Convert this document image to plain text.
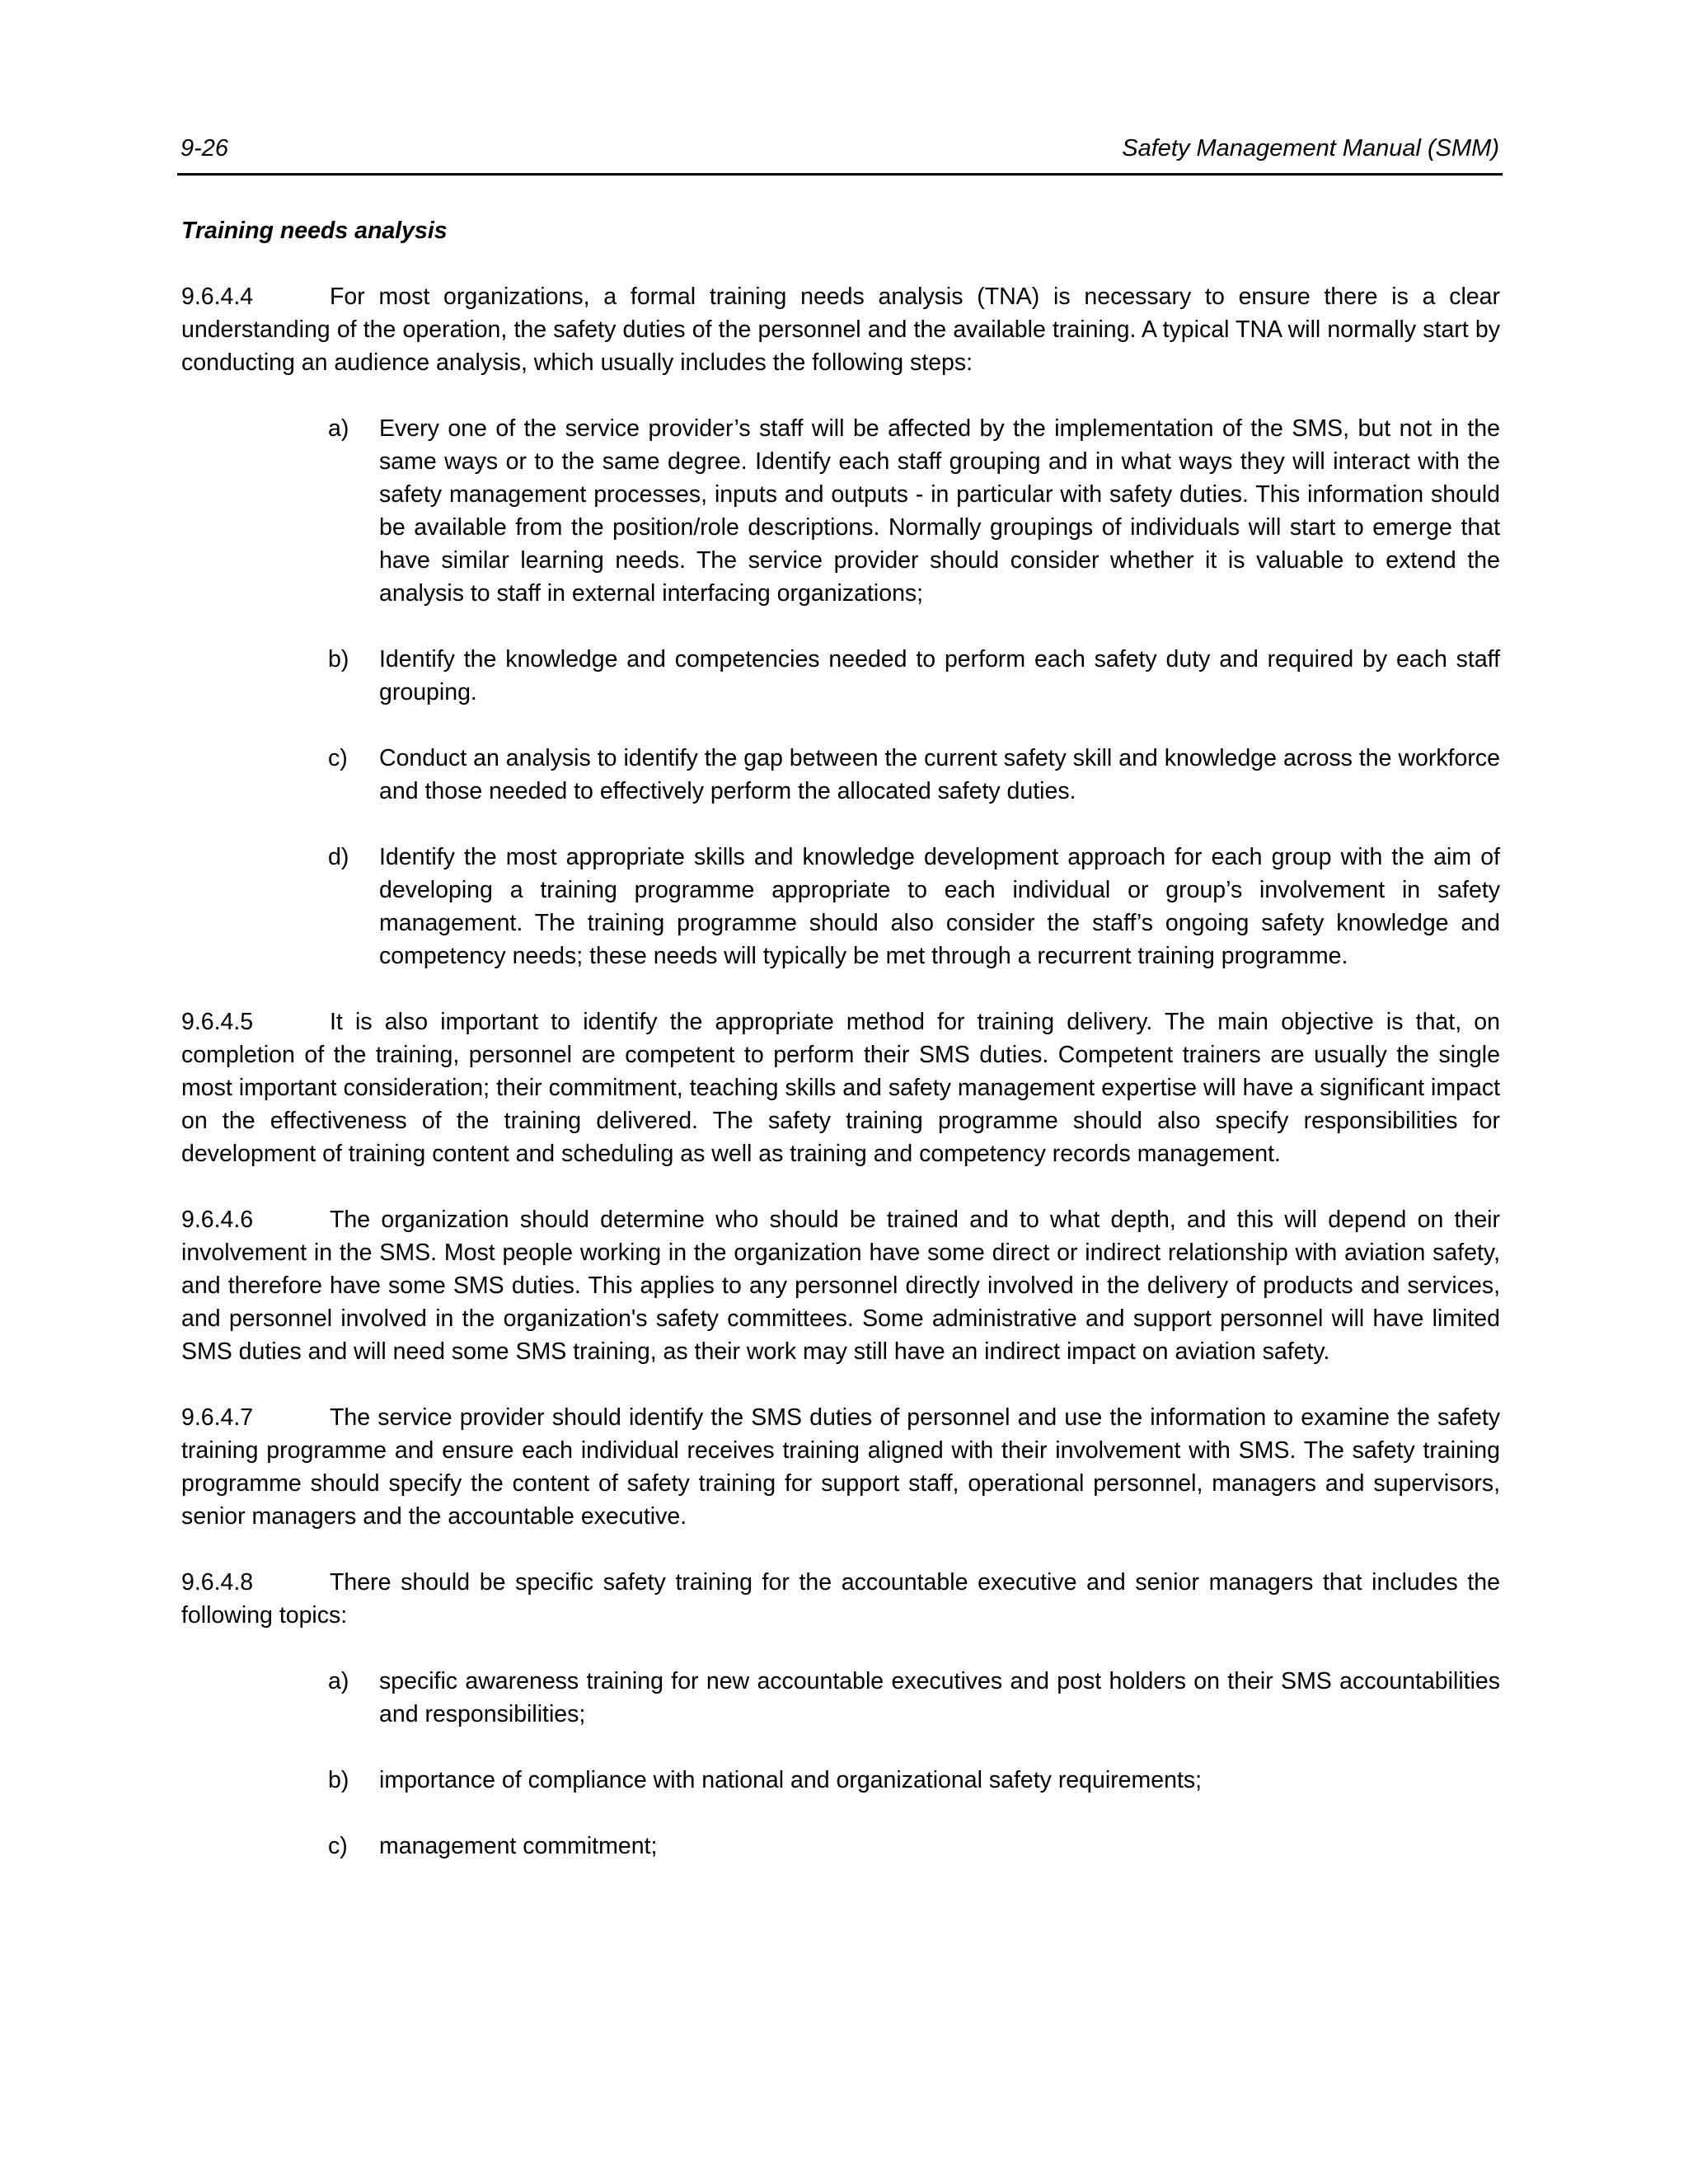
9-26	Safety Management Manual (SMM)
Training needs analysis

9.6.4.4	For most organizations, a formal training needs analysis (TNA) is necessary to ensure there is a clear understanding of the operation, the safety duties of the personnel and the available training. A typical TNA will normally start by conducting an audience analysis, which usually includes the following steps:

a) Every one of the service provider’s staff will be affected by the implementation of the SMS, but not in the same ways or to the same degree. Identify each staff grouping and in what ways they will interact with the safety management processes, inputs and outputs - in particular with safety duties. This information should be available from the position/role descriptions. Normally groupings of individuals will start to emerge that have similar learning needs. The service provider should consider whether it is valuable to extend the analysis to staff in external interfacing organizations;
b) Identify the knowledge and competencies needed to perform each safety duty and required by each staff grouping.
c) Conduct an analysis to identify the gap between the current safety skill and knowledge across the workforce and those needed to effectively perform the allocated safety duties.
d) Identify the most appropriate skills and knowledge development approach for each group with the aim of developing a training programme appropriate to each individual or group’s involvement in safety management. The training programme should also consider the staff’s ongoing safety knowledge and competency needs; these needs will typically be met through a recurrent training programme.

9.6.4.5	It is also important to identify the appropriate method for training delivery. The main objective is that, on completion of the training, personnel are competent to perform their SMS duties. Competent trainers are usually the single most important consideration; their commitment, teaching skills and safety management expertise will have a significant impact on the effectiveness of the training delivered. The safety training programme should also specify responsibilities for development of training content and scheduling as well as training and competency records management.

9.6.4.6	The organization should determine who should be trained and to what depth, and this will depend on their involvement in the SMS. Most people working in the organization have some direct or indirect relationship with aviation safety, and therefore have some SMS duties. This applies to any personnel directly involved in the delivery of products and services, and personnel involved in the organization's safety committees. Some administrative and support personnel will have limited SMS duties and will need some SMS training, as their work may still have an indirect impact on aviation safety.

9.6.4.7	The service provider should identify the SMS duties of personnel and use the information to examine the safety training programme and ensure each individual receives training aligned with their involvement with SMS. The safety training programme should specify the content of safety training for support staff, operational personnel, managers and supervisors, senior managers and the accountable executive.

9.6.4.8	There should be specific safety training for the accountable executive and senior managers that includes the following topics:

a) specific awareness training for new accountable executives and post holders on their SMS accountabilities and responsibilities;
b) importance of compliance with national and organizational safety requirements;
c) management commitment;
